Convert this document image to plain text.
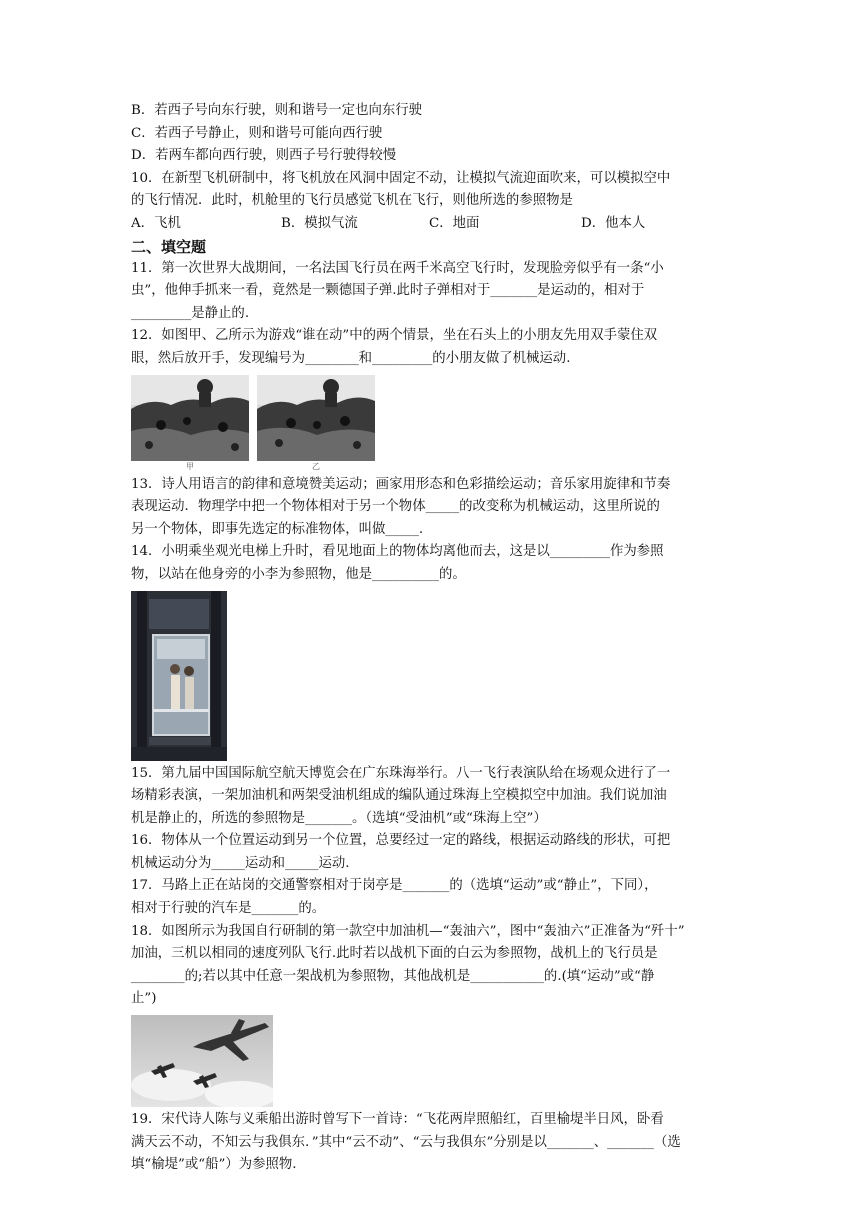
B．若西子号向东行驶，则和谐号一定也向东行驶
C．若西子号静止，则和谐号可能向西行驶
D．若两车都向西行驶，则西子号行驶得较慢
10．在新型飞机研制中，将飞机放在风洞中固定不动，让模拟气流迎面吹来，可以模拟空中
的飞行情况．此时，机舱里的飞行员感觉飞机在飞行，则他所选的参照物是
A．飞机	B．模拟气流	C．地面	D．他本人
二、填空题
11．第一次世界大战期间，一名法国飞行员在两千米高空飞行时，发现脸旁似乎有一条“小
虫”，他伸手抓来一看，竟然是一颗德国子弹.此时子弹相对于_______是运动的，相对于
_________是静止的.
12．如图甲、乙所示为游戏“谁在动”中的两个情景，坐在石头上的小朋友先用双手蒙住双
眼，然后放开手，发现编号为________和_________的小朋友做了机械运动.
甲	乙
13．诗人用语言的韵律和意境赞美运动；画家用形态和色彩描绘运动；音乐家用旋律和节奏
表现运动．物理学中把一个物体相对于另一个物体_____的改变称为机械运动，这里所说的
另一个物体，即事先选定的标准物体，叫做_____.
14．小明乘坐观光电梯上升时，看见地面上的物体均离他而去，这是以_________作为参照
物，以站在他身旁的小李为参照物，他是__________的。
15．第九届中国国际航空航天博览会在广东珠海举行。八一飞行表演队给在场观众进行了一
场精彩表演，一架加油机和两架受油机组成的编队通过珠海上空模拟空中加油。我们说加油
机是静止的，所选的参照物是_______。（选填“受油机”或“珠海上空”）
16．物体从一个位置运动到另一个位置，总要经过一定的路线，根据运动路线的形状，可把
机械运动分为_____运动和_____运动.
17．马路上正在站岗的交通警察相对于岗亭是_______的（选填“运动”或“静止”，下同），
相对于行驶的汽车是_______的。
18．如图所示为我国自行研制的第一款空中加油机—“轰油六”，图中“轰油六”正准备为“歼十”
加油，三机以相同的速度列队飞行.此时若以战机下面的白云为参照物，战机上的飞行员是
________的;若以其中任意一架战机为参照物，其他战机是___________的.(填“运动”或“静
止”)
19．宋代诗人陈与义乘船出游时曾写下一首诗：“飞花两岸照船红，百里榆堤半日风，卧看
满天云不动，不知云与我俱东．”其中“云不动”、“云与我俱东”分别是以_______、_______（选
填“榆堤”或“船”）为参照物.
